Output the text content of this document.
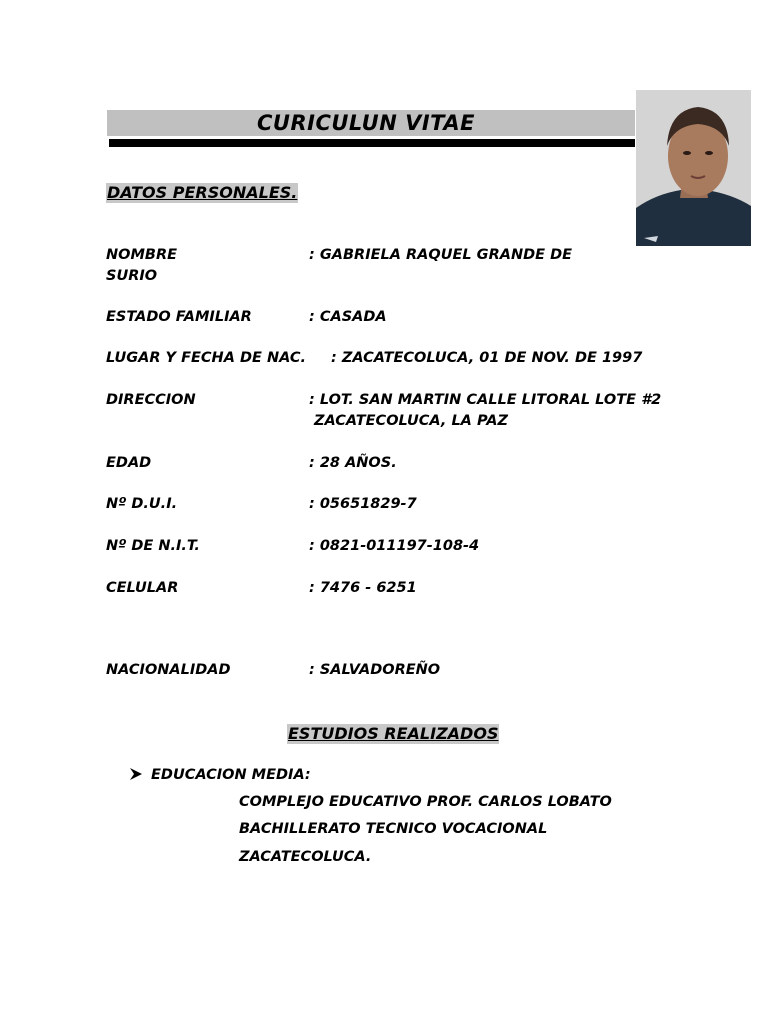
CURICULUN VITAE
DATOS PERSONALES.
NOMBRE	: GABRIELA RAQUEL GRANDE DE
SURIO
ESTADO FAMILIAR	: CASADA
LUGAR Y FECHA DE NAC. : ZACATECOLUCA, 01 DE NOV. DE 1997
DIRECCION	: LOT. SAN MARTIN CALLE LITORAL LOTE #2
ZACATECOLUCA, LA PAZ
EDAD	: 28 AÑOS.
Nº D.U.I.	: 05651829-7
Nº DE N.I.T.	: 0821-011197-108-4
CELULAR	: 7476 - 6251
NACIONALIDAD	: SALVADOREÑO
ESTUDIOS REALIZADOS
EDUCACION MEDIA:
COMPLEJO EDUCATIVO PROF. CARLOS LOBATO
BACHILLERATO TECNICO VOCACIONAL
ZACATECOLUCA.
